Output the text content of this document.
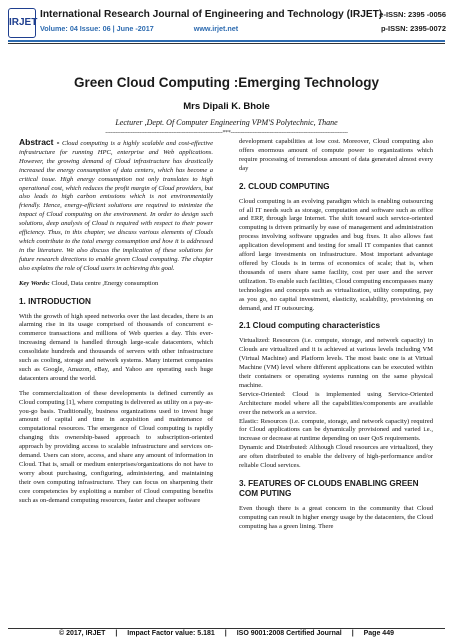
IRJET
International Research Journal of Engineering and Technology (IRJET)
Volume: 04 Issue: 06 | June -2017	www.irjet.net
e-ISSN: 2395 -0056
p-ISSN: 2395-0072
Green Cloud Computing :Emerging Technology
Mrs Dipali K. Bhole
Lecturer ,Dept. Of Computer Engineering VPM'S Polytechnic, Thane
---------------------------------------------------------------------***---------------------------------------------------------------------

Abstract - Cloud computing is a highly scalable and cost-effective infrastructure for running HPC, enterprise and Web applications. However, the growing demand of Cloud infrastructure has drastically increased the energy consumption of data centers, which has become a critical issue. High energy consumption not only translates to high operational cost, which reduces the profit margin of Cloud providers, but also leads to high carbon emissions which is not environmentally friendly. Hence, energy-efficient solutions are required to minimize the impact of Cloud computing on the environment. In order to design such solutions, deep analysis of Cloud is required with respect to their power efficiency. Thus, in this chapter, we discuss various elements of Clouds which contribute to the total energy consumption and how it is addressed in the literature. We also discuss the implication of these solutions for future research directions to enable green Cloud computing. The chapter also explains the role of Cloud users in achieving this goal.

Key Words: Cloud, Data centre ,Energy consumption

1. INTRODUCTION

With the growth of high speed networks over the last decades, there is an alarming rise in its usage comprised of thousands of concurrent e-commerce transactions and millions of Web queries a day. This ever-increasing demand is handled through large-scale datacenters, which consolidate hundreds and thousands of servers with other infrastructure such as cooling, storage and network systems. Many internet companies such as Google, Amazon, eBay, and Yahoo are operating such huge datacenters around the world.

The commercialization of these developments is defined currently as Cloud computing [1], where computing is delivered as utility on a pay-as-you-go basis. Traditionally, business organizations used to invest huge amount of capital and time in acquisition and maintenance of computational resources. The emergence of Cloud computing is rapidly changing this ownership-based approach to subscription-oriented approach by providing access to scalable infrastructure and services on-demand. Users can store, access, and share any amount of information in Cloud. That is, small or medium enterprises/organizations do not have to worry about purchasing, configuring, administering, and maintaining their own computing infrastructure. They can focus on sharpening their core competencies by exploiting a number of Cloud computing benefits such as on-demand computing resources, faster and cheaper software

development capabilities at low cost. Moreover, Cloud computing also offers enormous amount of compute power to organizations which require processing of tremendous amount of data generated almost every day

2. CLOUD COMPUTING

Cloud computing is an evolving paradigm which is enabling outsourcing of all IT needs such as storage, computation and software such as office and ERP, through large Internet. The shift toward such service-oriented computing is driven primarily by ease of management and administration process involving software upgrades and bug fixes. It also allows fast application development and testing for small IT companies that cannot afford large investments on infrastructure. Most important advantage offered by Clouds is in terms of economics of scale; that is, when thousands of users share same facility, cost per user and the server utilization. To enable such facilities, Cloud computing encompasses many technologies and concepts such as virtualization, utility computing, pay as you go, no capital investment, elasticity, scalability, provisioning on demand, and IT outsourcing.

2.1 Cloud computing characteristics

Virtualized: Resources (i.e. compute, storage, and network capacity) in Clouds are virtualized and it is achieved at various levels including VM (Virtual Machine) and Platform levels. The most basic one is at Virtual Machine (VM) level where different applications can be executed within their containers or operating systems running on the same physical machine.

Service-Oriented: Cloud is implemented using Service-Oriented Architecture model where all the capabilities/components are available over the network as a service.

Elastic: Resources (i.e. compute, storage, and network capacity) required for Cloud applications can be dynamically provisioned and varied i.e., increase or decrease at runtime depending on user QoS requirements.

Dynamic and Distributed: Although Cloud resources are virtualized, they are often distributed to enable the delivery of high-performance and/or reliable Cloud services.

3. FEATURES OF CLOUDS ENABLING GREEN COM PUTING

Even though there is a great concern in the community that Cloud computing can result in higher energy usage by the datacenters, the Cloud computing has a green lining. There

© 2017, IRJET | Impact Factor value: 5.181 | ISO 9001:2008 Certified Journal | Page 449
